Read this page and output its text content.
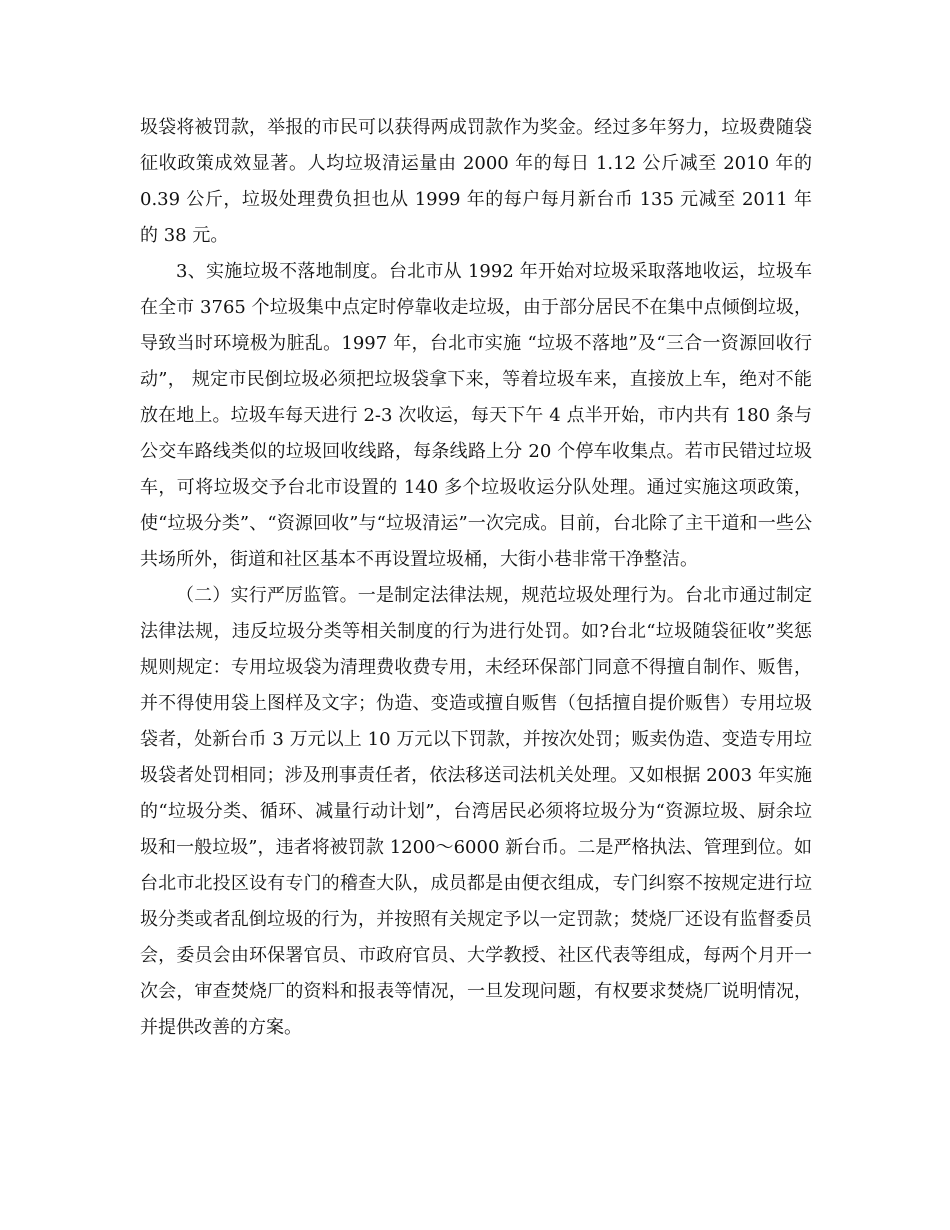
圾袋将被罚款，举报的市民可以获得两成罚款作为奖金。经过多年努力，垃圾费随袋征收政策成效显著。人均垃圾清运量由 2000 年的每日 1.12 公斤减至 2010 年的 0.39 公斤，垃圾处理费负担也从 1999 年的每户每月新台币 135 元减至 2011 年的 38 元。

3、实施垃圾不落地制度。台北市从 1992 年开始对垃圾采取落地收运，垃圾车在全市 3765 个垃圾集中点定时停靠收走垃圾，由于部分居民不在集中点倾倒垃圾，导致当时环境极为脏乱。1997 年，台北市实施 “垃圾不落地”及“三合一资源回收行动”， 规定市民倒垃圾必须把垃圾袋拿下来，等着垃圾车来，直接放上车，绝对不能放在地上。垃圾车每天进行 2-3 次收运，每天下午 4 点半开始，市内共有 180 条与公交车路线类似的垃圾回收线路，每条线路上分 20 个停车收集点。若市民错过垃圾车，可将垃圾交予台北市设置的 140 多个垃圾收运分队处理。通过实施这项政策，使“垃圾分类”、“资源回收”与“垃圾清运”一次完成。目前，台北除了主干道和一些公共场所外，街道和社区基本不再设置垃圾桶，大街小巷非常干净整洁。

（二）实行严厉监管。一是制定法律法规，规范垃圾处理行为。台北市通过制定法律法规，违反垃圾分类等相关制度的行为进行处罚。如?台北“垃圾随袋征收”奖惩规则规定：专用垃圾袋为清理费收费专用，未经环保部门同意不得擅自制作、贩售，并不得使用袋上图样及文字；伪造、变造或擅自贩售（包括擅自提价贩售）专用垃圾袋者，处新台币 3 万元以上 10 万元以下罚款，并按次处罚；贩卖伪造、变造专用垃圾袋者处罚相同；涉及刑事责任者，依法移送司法机关处理。又如根据 2003 年实施的“垃圾分类、循环、减量行动计划”，台湾居民必须将垃圾分为“资源垃圾、厨余垃圾和一般垃圾”，违者将被罚款 1200～6000 新台币。二是严格执法、管理到位。如台北市北投区设有专门的稽查大队，成员都是由便衣组成，专门纠察不按规定进行垃圾分类或者乱倒垃圾的行为，并按照有关规定予以一定罚款；焚烧厂还设有监督委员会，委员会由环保署官员、市政府官员、大学教授、社区代表等组成，每两个月开一次会，审查焚烧厂的资料和报表等情况，一旦发现问题，有权要求焚烧厂说明情况，并提供改善的方案。
